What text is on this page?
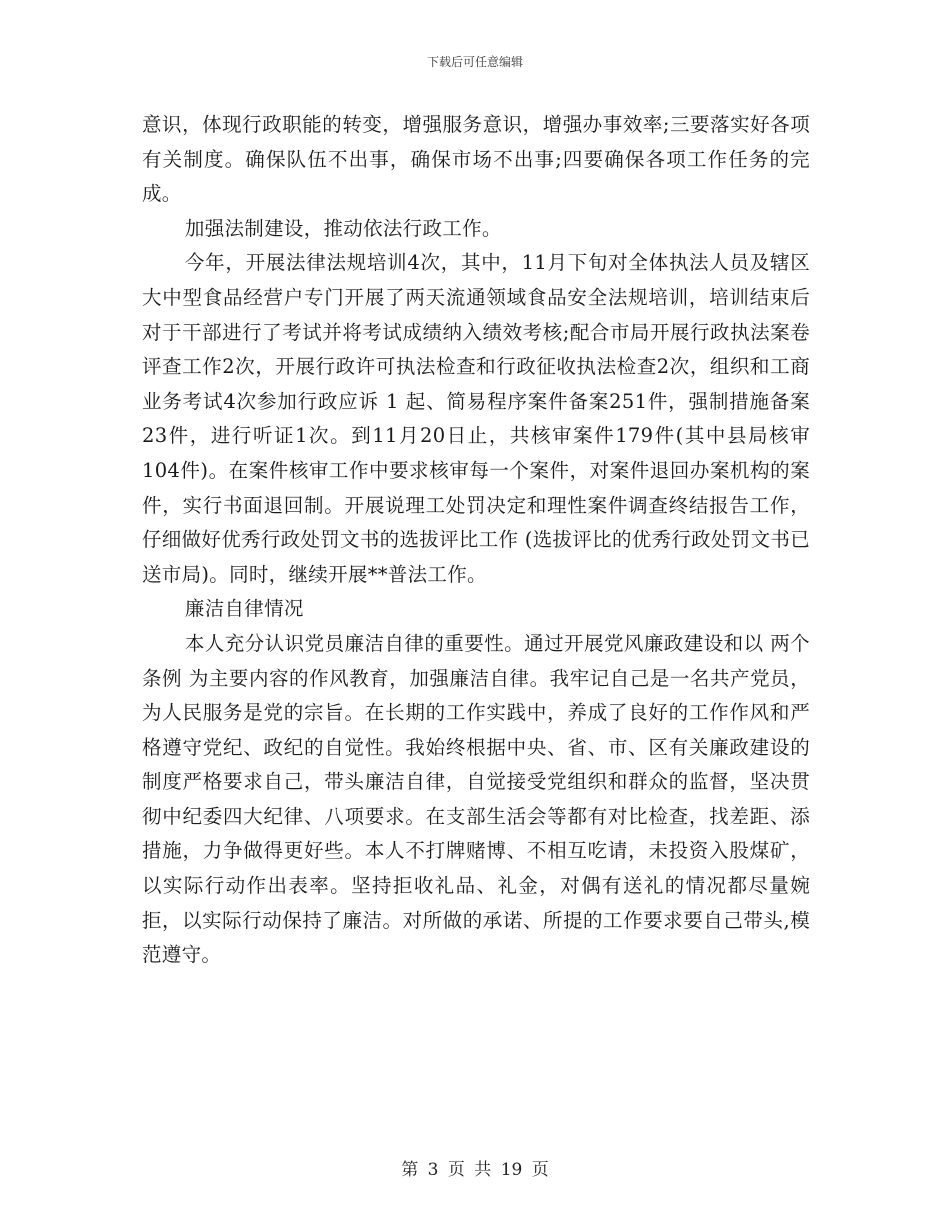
下载后可任意编辑

意识，体现行政职能的转变，增强服务意识，增强办事效率;三要落实好各项有关制度。确保队伍不出事，确保市场不出事;四要确保各项工作任务的完成。

加强法制建设，推动依法行政工作。

今年，开展法律法规培训4次，其中，11月下旬对全体执法人员及辖区大中型食品经营户专门开展了两天流通领域食品安全法规培训，培训结束后对于干部进行了考试并将考试成绩纳入绩效考核;配合市局开展行政执法案卷评查工作2次，开展行政许可执法检查和行政征收执法检查2次，组织和工商业务考试4次参加行政应诉 1 起、简易程序案件备案251件，强制措施备案23件，进行听证1次。到11月20日止，共核审案件179件(其中县局核审104件)。在案件核审工作中要求核审每一个案件，对案件退回办案机构的案件，实行书面退回制。开展说理工处罚决定和理性案件调查终结报告工作，仔细做好优秀行政处罚文书的选拔评比工作 (选拔评比的优秀行政处罚文书已送市局)。同时，继续开展**普法工作。

廉洁自律情况

本人充分认识党员廉洁自律的重要性。通过开展党风廉政建设和以 两个条例 为主要内容的作风教育，加强廉洁自律。我牢记自己是一名共产党员，为人民服务是党的宗旨。在长期的工作实践中，养成了良好的工作作风和严格遵守党纪、政纪的自觉性。我始终根据中央、省、市、区有关廉政建设的制度严格要求自己，带头廉洁自律，自觉接受党组织和群众的监督，坚决贯彻中纪委四大纪律、八项要求。在支部生活会等都有对比检查，找差距、添措施，力争做得更好些。本人不打牌赌博、不相互吃请，未投资入股煤矿，以实际行动作出表率。坚持拒收礼品、礼金，对偶有送礼的情况都尽量婉拒，以实际行动保持了廉洁。对所做的承诺、所提的工作要求要自己带头,模范遵守。

第 3 页 共 19 页
